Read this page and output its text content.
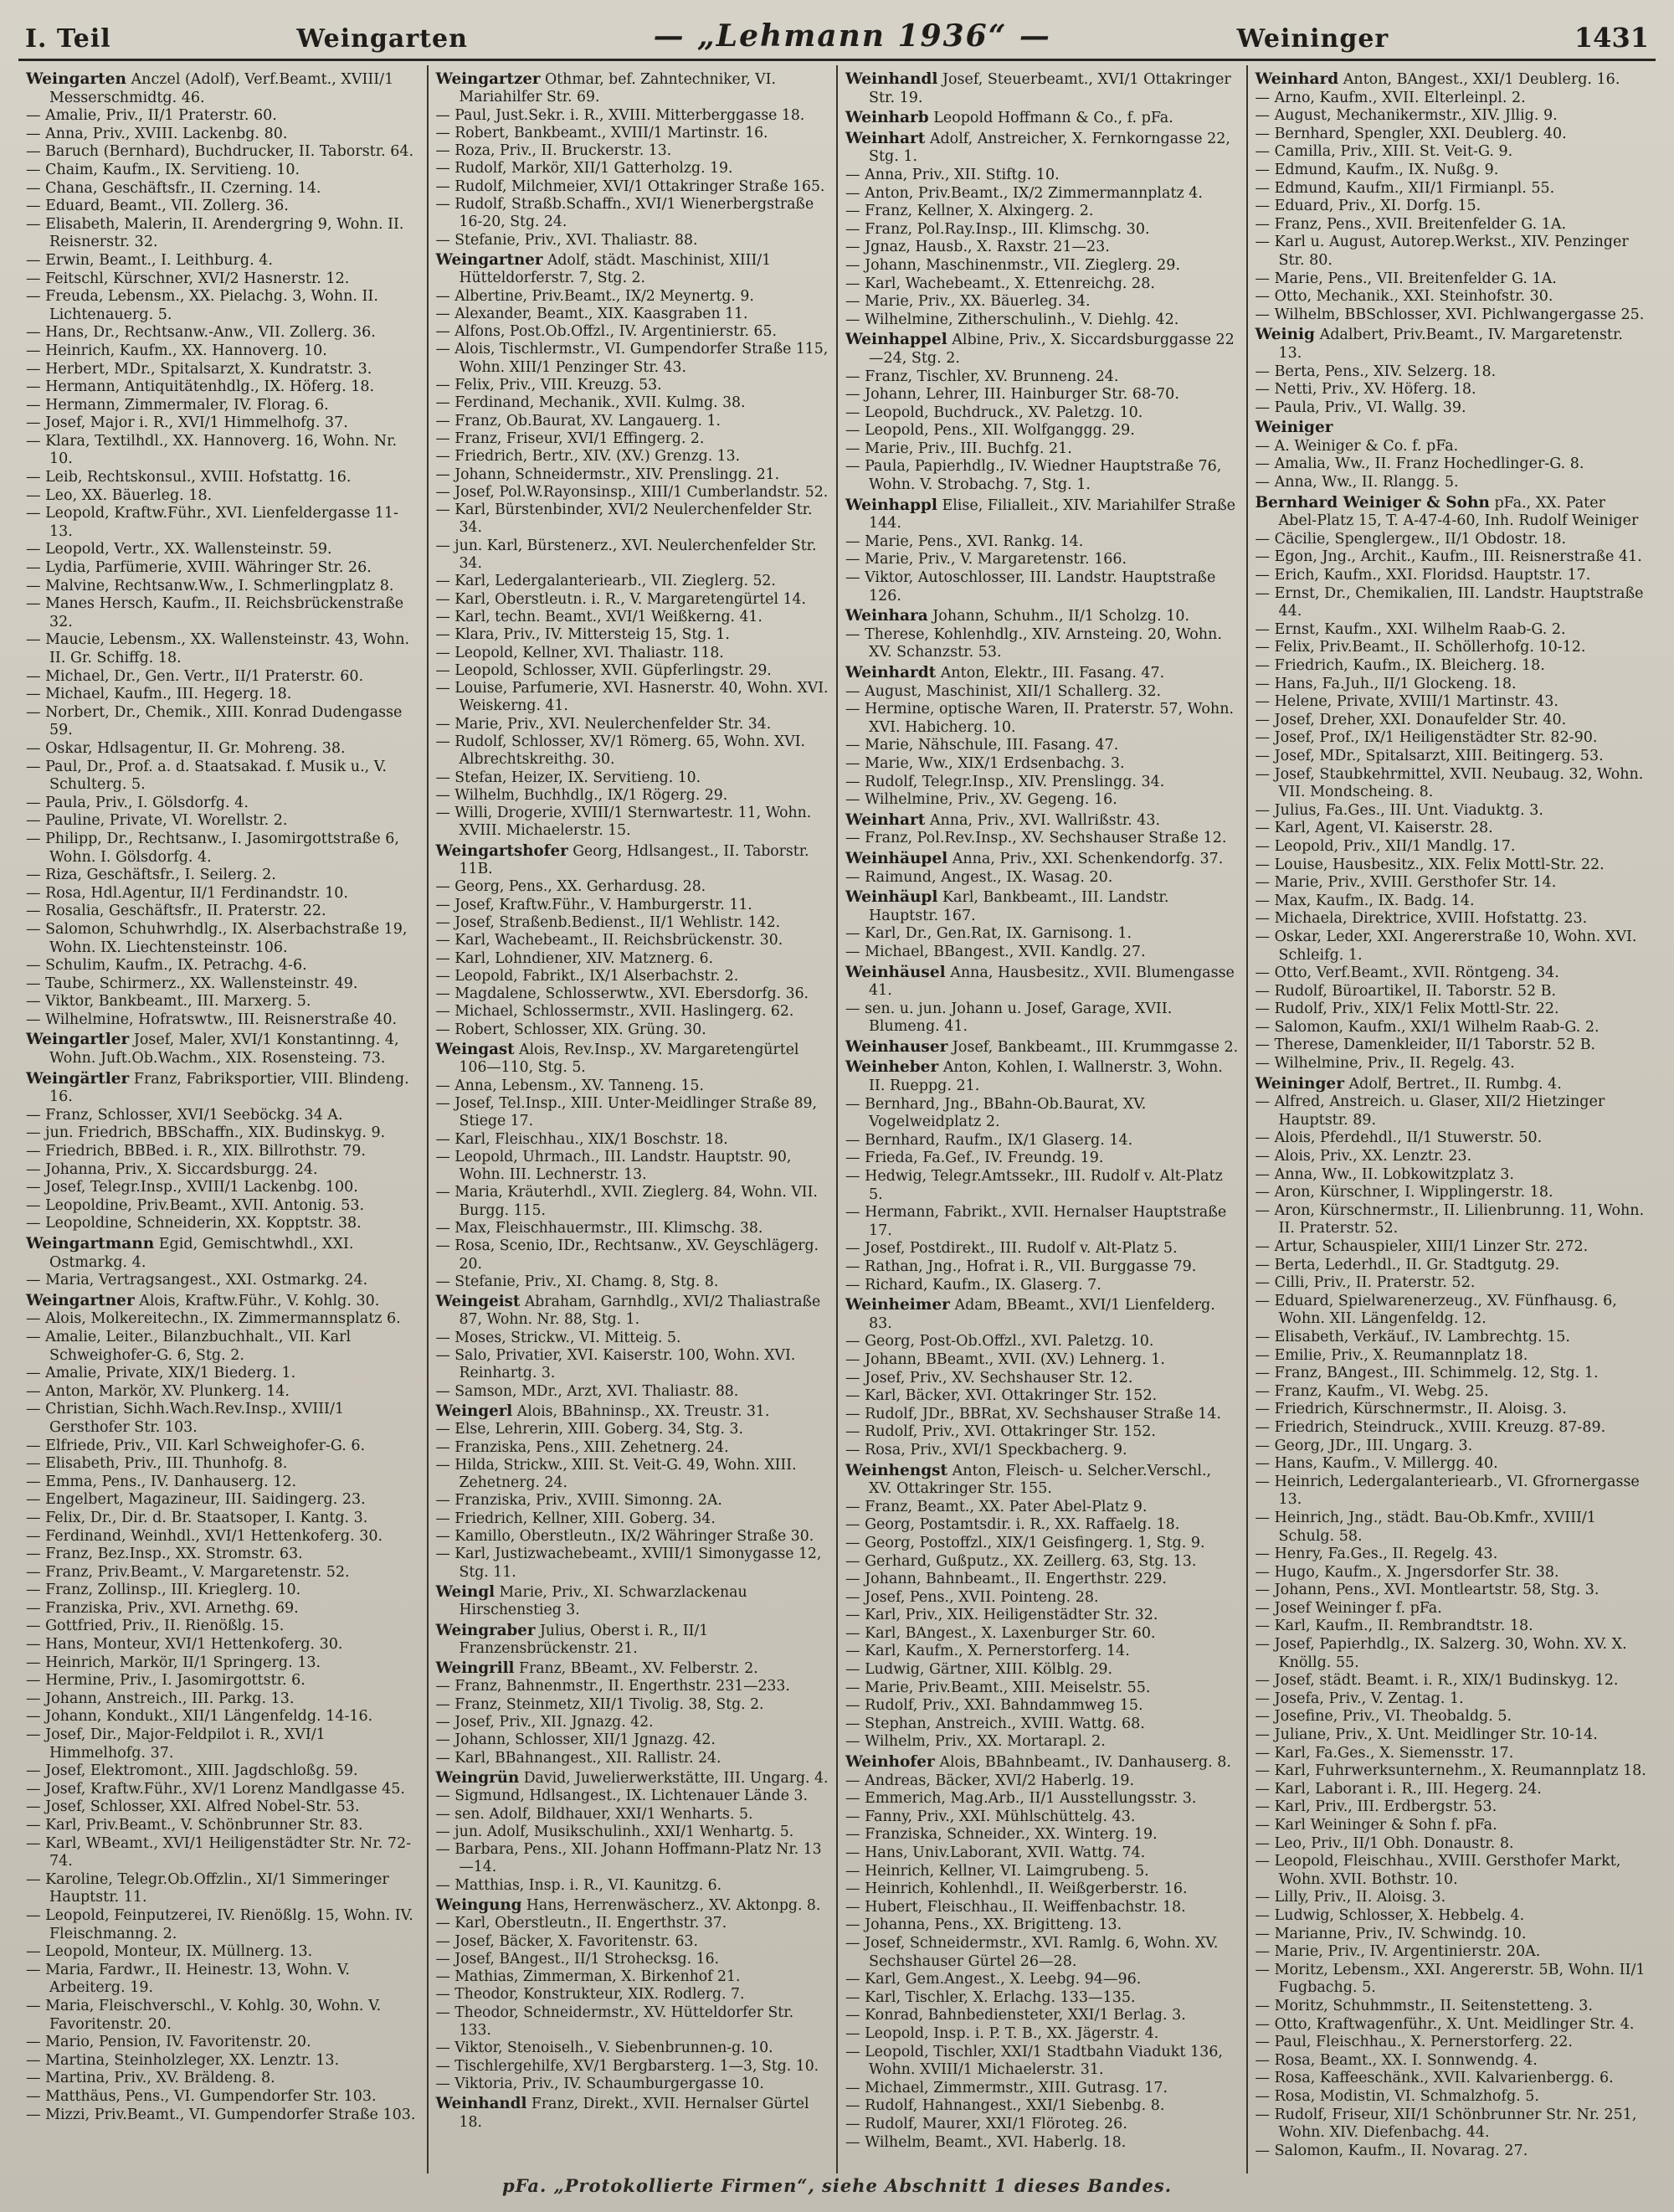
I. Teil	Weingarten	— „Lehmann 1936“ —	Weininger	1431
Weingarten Anczel (Adolf), Verf.Beamt., XVIII/1 Messerschmidtg. 46.
— Amalie, Priv., II/1 Praterstr. 60.
— Anna, Priv., XVIII. Lackenbg. 80.
— Baruch (Bernhard), Buchdrucker, II. Taborstr. 64.
— Chaim, Kaufm., IX. Servitieng. 10.
— Chana, Geschäftsfr., II. Czerning. 14.
— Eduard, Beamt., VII. Zollerg. 36.
— Elisabeth, Malerin, II. Arendergring 9, Wohn. II. Reisnerstr. 32.
— Erwin, Beamt., I. Leithburg. 4.
— Feitschl, Kürschner, XVI/2 Hasnerstr. 12.
— Freuda, Lebensm., XX. Pielachg. 3, Wohn. II. Lichtenauerg. 5.
— Hans, Dr., Rechtsanw.-Anw., VII. Zollerg. 36.
— Heinrich, Kaufm., XX. Hannoverg. 10.
— Herbert, MDr., Spitalsarzt, X. Kundratstr. 3.
— Hermann, Antiquitätenhdlg., IX. Höferg. 18.
— Hermann, Zimmermaler, IV. Florag. 6.
— Josef, Major i. R., XVI/1 Himmelhofg. 37.
— Klara, Textilhdl., XX. Hannoverg. 16, Wohn. Nr. 10.
— Leib, Rechtskonsul., XVIII. Hofstattg. 16.
— Leo, XX. Bäuerleg. 18.
— Leopold, Kraftw.Führ., XVI. Lienfeldergasse 11-13.
— Leopold, Vertr., XX. Wallensteinstr. 59.
— Lydia, Parfümerie, XVIII. Währinger Str. 26.
— Malvine, Rechtsanw.Ww., I. Schmerlingplatz 8.
— Manes Hersch, Kaufm., II. Reichsbrückenstraße 32.
— Maucie, Lebensm., XX. Wallensteinstr. 43, Wohn. II. Gr. Schiffg. 18.
— Michael, Dr., Gen. Vertr., II/1 Praterstr. 60.
— Michael, Kaufm., III. Hegerg. 18.
— Norbert, Dr., Chemik., XIII. Konrad Dudengasse 59.
— Oskar, Hdlsagentur, II. Gr. Mohreng. 38.
— Paul, Dr., Prof. a. d. Staatsakad. f. Musik u., V. Schulterg. 5.
— Paula, Priv., I. Gölsdorfg. 4.
— Pauline, Private, VI. Worellstr. 2.
— Philipp, Dr., Rechtsanw., I. Jasomirgottstraße 6, Wohn. I. Gölsdorfg. 4.
— Riza, Geschäftsfr., I. Seilerg. 2.
— Rosa, Hdl.Agentur, II/1 Ferdinandstr. 10.
— Rosalia, Geschäftsfr., II. Praterstr. 22.
— Salomon, Schuhwrhdlg., IX. Alserbachstraße 19, Wohn. IX. Liechtensteinstr. 106.
— Schulim, Kaufm., IX. Petrachg. 4-6.
— Taube, Schirmerz., XX. Wallensteinstr. 49.
— Viktor, Bankbeamt., III. Marxerg. 5.
— Wilhelmine, Hofratswtw., III. Reisnerstraße 40.
Weingartler Josef, Maler, XVI/1 Konstantinng. 4, Wohn. Juft.Ob.Wachm., XIX. Rosensteing. 73.
Weingärtler Franz, Fabriksportier, VIII. Blindeng. 16.
— Franz, Schlosser, XVI/1 Seeböckg. 34 A.
— jun. Friedrich, BBSchaffn., XIX. Budinskyg. 9.
— Friedrich, BBBed. i. R., XIX. Billrothstr. 79.
— Johanna, Priv., X. Siccardsburgg. 24.
— Josef, Telegr.Insp., XVIII/1 Lackenbg. 100.
— Leopoldine, Priv.Beamt., XVII. Antonig. 53.
— Leopoldine, Schneiderin, XX. Kopptstr. 38.
Weingartmann Egid, Gemischtwhdl., XXI. Ostmarkg. 4.
— Maria, Vertragsangest., XXI. Ostmarkg. 24.
Weingartner Alois, Kraftw.Führ., V. Kohlg. 30.
— Alois, Molkereitechn., IX. Zimmermannsplatz 6.
— Amalie, Leiter., Bilanzbuchhalt., VII. Karl Schweighofer-G. 6, Stg. 2.
— Amalie, Private, XIX/1 Biederg. 1.
— Anton, Markör, XV. Plunkerg. 14.
— Christian, Sichh.Wach.Rev.Insp., XVIII/1 Gersthofer Str. 103.
— Elfriede, Priv., VII. Karl Schweighofer-G. 6.
— Elisabeth, Priv., III. Thunhofg. 8.
— Emma, Pens., IV. Danhauserg. 12.
— Engelbert, Magazineur, III. Saidingerg. 23.
— Felix, Dr., Dir. d. Br. Staatsoper, I. Kantg. 3.
— Ferdinand, Weinhdl., XVI/1 Hettenkoferg. 30.
— Franz, Bez.Insp., XX. Stromstr. 63.
— Franz, Priv.Beamt., V. Margaretenstr. 52.
— Franz, Zollinsp., III. Krieglerg. 10.
— Franziska, Priv., XVI. Arnethg. 69.
— Gottfried, Priv., II. Rienößlg. 15.
— Hans, Monteur, XVI/1 Hettenkoferg. 30.
— Heinrich, Markör, II/1 Springerg. 13.
— Hermine, Priv., I. Jasomirgottstr. 6.
— Johann, Anstreich., III. Parkg. 13.
— Johann, Kondukt., XII/1 Längenfeldg. 14-16.
— Josef, Dir., Major-Feldpilot i. R., XVI/1 Himmelhofg. 37.
— Josef, Elektromont., XIII. Jagdschloßg. 59.
— Josef, Kraftw.Führ., XV/1 Lorenz Mandlgasse 45.
— Josef, Schlosser, XXI. Alfred Nobel-Str. 53.
— Karl, Priv.Beamt., V. Schönbrunner Str. 83.
— Karl, WBeamt., XVI/1 Heiligenstädter Str. Nr. 72-74.
— Karoline, Telegr.Ob.Offzlin., XI/1 Simmeringer Hauptstr. 11.
— Leopold, Feinputzerei, IV. Rienößlg. 15, Wohn. IV. Fleischmanng. 2.
— Leopold, Monteur, IX. Müllnerg. 13.
— Maria, Fardwr., II. Heinestr. 13, Wohn. V. Arbeiterg. 19.
— Maria, Fleischverschl., V. Kohlg. 30, Wohn. V. Favoritenstr. 20.
— Mario, Pension, IV. Favoritenstr. 20.
— Martina, Steinholzleger, XX. Lenztr. 13.
— Martina, Priv., XV. Bräldeng. 8.
— Matthäus, Pens., VI. Gumpendorfer Str. 103.
— Mizzi, Priv.Beamt., VI. Gumpendorfer Straße 103.
Weingartzer Othmar, bef. Zahntechniker, VI. Mariahilfer Str. 69.
— Paul, Just.Sekr. i. R., XVIII. Mitterberggasse 18.
— Robert, Bankbeamt., XVIII/1 Martinstr. 16.
— Roza, Priv., II. Bruckerstr. 13.
— Rudolf, Markör, XII/1 Gatterholzg. 19.
— Rudolf, Milchmeier, XVI/1 Ottakringer Straße 165.
— Rudolf, Straßb.Schaffn., XVI/1 Wienerbergstraße 16-20, Stg. 24.
— Stefanie, Priv., XVI. Thaliastr. 88.
Weingartner Adolf, städt. Maschinist, XIII/1 Hütteldorferstr. 7, Stg. 2.
— Albertine, Priv.Beamt., IX/2 Meynertg. 9.
— Alexander, Beamt., XIX. Kaasgraben 11.
— Alfons, Post.Ob.Offzl., IV. Argentinierstr. 65.
— Alois, Tischlermstr., VI. Gumpendorfer Straße 115, Wohn. XIII/1 Penzinger Str. 43.
— Felix, Priv., VIII. Kreuzg. 53.
— Ferdinand, Mechanik., XVII. Kulmg. 38.
— Franz, Ob.Baurat, XV. Langauerg. 1.
— Franz, Friseur, XVI/1 Effingerg. 2.
— Friedrich, Bertr., XIV. (XV.) Grenzg. 13.
— Johann, Schneidermstr., XIV. Prenslingg. 21.
— Josef, Pol.W.Rayonsinsp., XIII/1 Cumberlandstr. 52.
— Karl, Bürstenbinder, XVI/2 Neulerchenfelder Str. 34.
— jun. Karl, Bürstenerz., XVI. Neulerchenfelder Str. 34.
— Karl, Ledergalanteriearb., VII. Zieglerg. 52.
— Karl, Oberstleutn. i. R., V. Margaretengürtel 14.
— Karl, techn. Beamt., XVI/1 Weißkerng. 41.
— Klara, Priv., IV. Mittersteig 15, Stg. 1.
— Leopold, Kellner, XVI. Thaliastr. 118.
— Leopold, Schlosser, XVII. Güpferlingstr. 29.
— Louise, Parfumerie, XVI. Hasnerstr. 40, Wohn. XVI. Weiskerng. 41.
— Marie, Priv., XVI. Neulerchenfelder Str. 34.
— Rudolf, Schlosser, XV/1 Römerg. 65, Wohn. XVI. Albrechtskreithg. 30.
— Stefan, Heizer, IX. Servitieng. 10.
— Wilhelm, Buchhdlg., IX/1 Rögerg. 29.
— Willi, Drogerie, XVIII/1 Sternwartestr. 11, Wohn. XVIII. Michaelerstr. 15.
Weingartshofer Georg, Hdlsangest., II. Taborstr. 11B.
— Georg, Pens., XX. Gerhardusg. 28.
— Josef, Kraftw.Führ., V. Hamburgerstr. 11.
— Josef, Straßenb.Bedienst., II/1 Wehlistr. 142.
— Karl, Wachebeamt., II. Reichsbrückenstr. 30.
— Karl, Lohndiener, XIV. Matznerg. 6.
— Leopold, Fabrikt., IX/1 Alserbachstr. 2.
— Magdalene, Schlosserwtw., XVI. Ebersdorfg. 36.
— Michael, Schlossermstr., XVII. Haslingerg. 62.
— Robert, Schlosser, XIX. Grüng. 30.
Weingast Alois, Rev.Insp., XV. Margaretengürtel 106—110, Stg. 5.
— Anna, Lebensm., XV. Tanneng. 15.
— Josef, Tel.Insp., XIII. Unter-Meidlinger Straße 89, Stiege 17.
— Karl, Fleischhau., XIX/1 Boschstr. 18.
— Leopold, Uhrmach., III. Landstr. Hauptstr. 90, Wohn. III. Lechnerstr. 13.
— Maria, Kräuterhdl., XVII. Zieglerg. 84, Wohn. VII. Burgg. 115.
— Max, Fleischhauermstr., III. Klimschg. 38.
— Rosa, Scenio, IDr., Rechtsanw., XV. Geyschlägerg. 20.
— Stefanie, Priv., XI. Chamg. 8, Stg. 8.
Weingeist Abraham, Garnhdlg., XVI/2 Thaliastraße 87, Wohn. Nr. 88, Stg. 1.
— Moses, Strickw., VI. Mitteig. 5.
— Salo, Privatier, XVI. Kaiserstr. 100, Wohn. XVI. Reinhartg. 3.
— Samson, MDr., Arzt, XVI. Thaliastr. 88.
Weingerl Alois, BBahninsp., XX. Treustr. 31.
— Else, Lehrerin, XIII. Goberg. 34, Stg. 3.
— Franziska, Pens., XIII. Zehetnerg. 24.
— Hilda, Strickw., XIII. St. Veit-G. 49, Wohn. XIII. Zehetnerg. 24.
— Franziska, Priv., XVIII. Simonng. 2A.
— Friedrich, Kellner, XIII. Goberg. 34.
— Kamillo, Oberstleutn., IX/2 Währinger Straße 30.
— Karl, Justizwachebeamt., XVIII/1 Simonygasse 12, Stg. 11.
Weingl Marie, Priv., XI. Schwarzlackenau Hirschenstieg 3.
Weingraber Julius, Oberst i. R., II/1 Franzensbrückenstr. 21.
Weingrill Franz, BBeamt., XV. Felberstr. 2.
— Franz, Bahnenmstr., II. Engerthstr. 231—233.
— Franz, Steinmetz, XII/1 Tivolig. 38, Stg. 2.
— Josef, Priv., XII. Jgnazg. 42.
— Johann, Schlosser, XII/1 Jgnazg. 42.
— Karl, BBahnangest., XII. Rallistr. 24.
Weingrün David, Juwelierwerkstätte, III. Ungarg. 4.
— Sigmund, Hdlsangest., IX. Lichtenauer Lände 3.
— sen. Adolf, Bildhauer, XXI/1 Wenharts. 5.
— jun. Adolf, Musikschulinh., XXI/1 Wenhartg. 5.
— Barbara, Pens., XII. Johann Hoffmann-Platz Nr. 13—14.
— Matthias, Insp. i. R., VI. Kaunitzg. 6.
Weingung Hans, Herrenwäscherz., XV. Aktonpg. 8.
— Karl, Oberstleutn., II. Engerthstr. 37.
— Josef, Bäcker, X. Favoritenstr. 63.
— Josef, BAngest., II/1 Strohecksg. 16.
— Mathias, Zimmerman, X. Birkenhof 21.
— Theodor, Konstrukteur, XIX. Rodlerg. 7.
— Theodor, Schneidermstr., XV. Hütteldorfer Str. 133.
— Viktor, Stenoiselh., V. Siebenbrunnen-g. 10.
— Tischlergehilfe, XV/1 Bergbarsterg. 1—3, Stg. 10.
— Viktoria, Priv., IV. Schaumburgergasse 10.
Weinhandl Franz, Direkt., XVII. Hernalser Gürtel 18.
Weinhandl Josef, Steuerbeamt., XVI/1 Ottakringer Str. 19.
Weinharb Leopold Hoffmann & Co., f. pFa.
Weinhart Adolf, Anstreicher, X. Fernkorngasse 22, Stg. 1.
— Anna, Priv., XII. Stiftg. 10.
— Anton, Priv.Beamt., IX/2 Zimmermannplatz 4.
— Franz, Kellner, X. Alxingerg. 2.
— Franz, Pol.Ray.Insp., III. Klimschg. 30.
— Jgnaz, Hausb., X. Raxstr. 21—23.
— Johann, Maschinenmstr., VII. Zieglerg. 29.
— Karl, Wachebeamt., X. Ettenreichg. 28.
— Marie, Priv., XX. Bäuerleg. 34.
— Wilhelmine, Zitherschulinh., V. Diehlg. 42.
Weinhappel Albine, Priv., X. Siccardsburggasse 22—24, Stg. 2.
— Franz, Tischler, XV. Brunneng. 24.
— Johann, Lehrer, III. Hainburger Str. 68-70.
— Leopold, Buchdruck., XV. Paletzg. 10.
— Leopold, Pens., XII. Wolfganggg. 29.
— Marie, Priv., III. Buchfg. 21.
— Paula, Papierhdlg., IV. Wiedner Hauptstraße 76, Wohn. V. Strobachg. 7, Stg. 1.
Weinhappl Elise, Filialleit., XIV. Mariahilfer Straße 144.
— Marie, Pens., XVI. Rankg. 14.
— Marie, Priv., V. Margaretenstr. 166.
— Viktor, Autoschlosser, III. Landstr. Hauptstraße 126.
Weinhara Johann, Schuhm., II/1 Scholzg. 10.
— Therese, Kohlenhdlg., XIV. Arnsteing. 20, Wohn. XV. Schanzstr. 53.
Weinhardt Anton, Elektr., III. Fasang. 47.
— August, Maschinist, XII/1 Schallerg. 32.
— Hermine, optische Waren, II. Praterstr. 57, Wohn. XVI. Habicherg. 10.
— Marie, Nähschule, III. Fasang. 47.
— Marie, Ww., XIX/1 Erdsenbachg. 3.
— Rudolf, Telegr.Insp., XIV. Prenslingg. 34.
— Wilhelmine, Priv., XV. Gegeng. 16.
Weinhart Anna, Priv., XVI. Wallrißstr. 43.
— Franz, Pol.Rev.Insp., XV. Sechshauser Straße 12.
Weinhäupel Anna, Priv., XXI. Schenkendorfg. 37.
— Raimund, Angest., IX. Wasag. 20.
Weinhäupl Karl, Bankbeamt., III. Landstr. Hauptstr. 167.
— Karl, Dr., Gen.Rat, IX. Garnisong. 1.
— Michael, BBangest., XVII. Kandlg. 27.
Weinhäusel Anna, Hausbesitz., XVII. Blumengasse 41.
— sen. u. jun. Johann u. Josef, Garage, XVII. Blumeng. 41.
Weinhauser Josef, Bankbeamt., III. Krummgasse 2.
Weinheber Anton, Kohlen, I. Wallnerstr. 3, Wohn. II. Rueppg. 21.
— Bernhard, Jng., BBahn-Ob.Baurat, XV. Vogelweidplatz 2.
— Bernhard, Raufm., IX/1 Glaserg. 14.
— Frieda, Fa.Gef., IV. Freundg. 19.
— Hedwig, Telegr.Amtssekr., III. Rudolf v. Alt-Platz 5.
— Hermann, Fabrikt., XVII. Hernalser Hauptstraße 17.
— Josef, Postdirekt., III. Rudolf v. Alt-Platz 5.
— Rathan, Jng., Hofrat i. R., VII. Burggasse 79.
— Richard, Kaufm., IX. Glaserg. 7.
Weinheimer Adam, BBeamt., XVI/1 Lienfelderg. 83.
— Georg, Post-Ob.Offzl., XVI. Paletzg. 10.
— Johann, BBeamt., XVII. (XV.) Lehnerg. 1.
— Josef, Priv., XV. Sechshauser Str. 12.
— Karl, Bäcker, XVI. Ottakringer Str. 152.
— Rudolf, JDr., BBRat, XV. Sechshauser Straße 14.
— Rudolf, Priv., XVI. Ottakringer Str. 152.
— Rosa, Priv., XVI/1 Speckbacherg. 9.
Weinhengst Anton, Fleisch- u. Selcher.Verschl., XV. Ottakringer Str. 155.
— Franz, Beamt., XX. Pater Abel-Platz 9.
— Georg, Postamtsdir. i. R., XX. Raffaelg. 18.
— Georg, Postoffzl., XIX/1 Geisfingerg. 1, Stg. 9.
— Gerhard, Gußputz., XX. Zeillerg. 63, Stg. 13.
— Johann, Bahnbeamt., II. Engerthstr. 229.
— Josef, Pens., XVII. Pointeng. 28.
— Karl, Priv., XIX. Heiligenstädter Str. 32.
— Karl, BAngest., X. Laxenburger Str. 60.
— Karl, Kaufm., X. Pernerstorferg. 14.
— Ludwig, Gärtner, XIII. Kölblg. 29.
— Marie, Priv.Beamt., XIII. Meiselstr. 55.
— Rudolf, Priv., XXI. Bahndammweg 15.
— Stephan, Anstreich., XVIII. Wattg. 68.
— Wilhelm, Priv., XX. Mortarapl. 2.
Weinhofer Alois, BBahnbeamt., IV. Danhauserg. 8.
— Andreas, Bäcker, XVI/2 Haberlg. 19.
— Emmerich, Mag.Arb., II/1 Ausstellungsstr. 3.
— Fanny, Priv., XXI. Mühlschüttelg. 43.
— Franziska, Schneider., XX. Winterg. 19.
— Hans, Univ.Laborant, XVII. Wattg. 74.
— Heinrich, Kellner, VI. Laimgrubeng. 5.
— Heinrich, Kohlenhdl., II. Weißgerberstr. 16.
— Hubert, Fleischhau., II. Weiffenbachstr. 18.
— Johanna, Pens., XX. Brigitteng. 13.
— Josef, Schneidermstr., XVI. Ramlg. 6, Wohn. XV. Sechshauser Gürtel 26—28.
— Karl, Gem.Angest., X. Leebg. 94—96.
— Karl, Tischler, X. Erlachg. 133—135.
— Konrad, Bahnbediensteter, XXI/1 Berlag. 3.
— Leopold, Insp. i. P. T. B., XX. Jägerstr. 4.
— Leopold, Tischler, XXI/1 Stadtbahn Viadukt 136, Wohn. XVIII/1 Michaelerstr. 31.
— Michael, Zimmermstr., XIII. Gutrasg. 17.
— Rudolf, Hahnangest., XXI/1 Siebenbg. 8.
— Rudolf, Maurer, XXI/1 Flöroteg. 26.
— Wilhelm, Beamt., XVI. Haberlg. 18.
Weinhard Anton, BAngest., XXI/1 Deublerg. 16.
— Arno, Kaufm., XVII. Elterleinpl. 2.
— August, Mechanikermstr., XIV. Jllig. 9.
— Bernhard, Spengler, XXI. Deublerg. 40.
— Camilla, Priv., XIII. St. Veit-G. 9.
— Edmund, Kaufm., IX. Nußg. 9.
— Edmund, Kaufm., XII/1 Firmianpl. 55.
— Eduard, Priv., XI. Dorfg. 15.
— Franz, Pens., XVII. Breitenfelder G. 1A.
— Karl u. August, Autorep.Werkst., XIV. Penzinger Str. 80.
— Marie, Pens., VII. Breitenfelder G. 1A.
— Otto, Mechanik., XXI. Steinhofstr. 30.
— Wilhelm, BBSchlosser, XVI. Pichlwangergasse 25.
Weinig Adalbert, Priv.Beamt., IV. Margaretenstr. 13.
— Berta, Pens., XIV. Selzerg. 18.
— Netti, Priv., XV. Höferg. 18.
— Paula, Priv., VI. Wallg. 39.
Weiniger
— A. Weiniger & Co. f. pFa.
— Amalia, Ww., II. Franz Hochedlinger-G. 8.
— Anna, Ww., II. Rlangg. 5.
Bernhard Weiniger & Sohn pFa., XX. Pater Abel-Platz 15, T. A-47-4-60, Inh. Rudolf Weiniger
— Cäcilie, Spenglergew., II/1 Obdostr. 18.
— Egon, Jng., Archit., Kaufm., III. Reisnerstraße 41.
— Erich, Kaufm., XXI. Floridsd. Hauptstr. 17.
— Ernst, Dr., Chemikalien, III. Landstr. Hauptstraße 44.
— Ernst, Kaufm., XXI. Wilhelm Raab-G. 2.
— Felix, Priv.Beamt., II. Schöllerhofg. 10-12.
— Friedrich, Kaufm., IX. Bleicherg. 18.
— Hans, Fa.Juh., II/1 Glockeng. 18.
— Helene, Private, XVIII/1 Martinstr. 43.
— Josef, Dreher, XXI. Donaufelder Str. 40.
— Josef, Prof., IX/1 Heiligenstädter Str. 82-90.
— Josef, MDr., Spitalsarzt, XIII. Beitingerg. 53.
— Josef, Staubkehrmittel, XVII. Neubaug. 32, Wohn. VII. Mondscheing. 8.
— Julius, Fa.Ges., III. Unt. Viaduktg. 3.
— Karl, Agent, VI. Kaiserstr. 28.
— Leopold, Priv., XII/1 Mandlg. 17.
— Louise, Hausbesitz., XIX. Felix Mottl-Str. 22.
— Marie, Priv., XVIII. Gersthofer Str. 14.
— Max, Kaufm., IX. Badg. 14.
— Michaela, Direktrice, XVIII. Hofstattg. 23.
— Oskar, Leder, XXI. Angererstraße 10, Wohn. XVI. Schleifg. 1.
— Otto, Verf.Beamt., XVII. Röntgeng. 34.
— Rudolf, Büroartikel, II. Taborstr. 52 B.
— Rudolf, Priv., XIX/1 Felix Mottl-Str. 22.
— Salomon, Kaufm., XXI/1 Wilhelm Raab-G. 2.
— Therese, Damenkleider, II/1 Taborstr. 52 B.
— Wilhelmine, Priv., II. Regelg. 43.
Weininger Adolf, Bertret., II. Rumbg. 4.
— Alfred, Anstreich. u. Glaser, XII/2 Hietzinger Hauptstr. 89.
— Alois, Pferdehdl., II/1 Stuwerstr. 50.
— Alois, Priv., XX. Lenztr. 23.
— Anna, Ww., II. Lobkowitzplatz 3.
— Aron, Kürschner, I. Wipplingerstr. 18.
— Aron, Kürschnermstr., II. Lilienbrunng. 11, Wohn. II. Praterstr. 52.
— Artur, Schauspieler, XIII/1 Linzer Str. 272.
— Berta, Lederhdl., II. Gr. Stadtgutg. 29.
— Cilli, Priv., II. Praterstr. 52.
— Eduard, Spielwarenerzeug., XV. Fünfhausg. 6, Wohn. XII. Längenfeldg. 12.
— Elisabeth, Verkäuf., IV. Lambrechtg. 15.
— Emilie, Priv., X. Reumannplatz 18.
— Franz, BAngest., III. Schimmelg. 12, Stg. 1.
— Franz, Kaufm., VI. Webg. 25.
— Friedrich, Kürschnermstr., II. Aloisg. 3.
— Friedrich, Steindruck., XVIII. Kreuzg. 87-89.
— Georg, JDr., III. Ungarg. 3.
— Hans, Kaufm., V. Millergg. 40.
— Heinrich, Ledergalanteriearb., VI. Gfrornergasse 13.
— Heinrich, Jng., städt. Bau-Ob.Kmfr., XVIII/1 Schulg. 58.
— Henry, Fa.Ges., II. Regelg. 43.
— Hugo, Kaufm., X. Jngersdorfer Str. 38.
— Johann, Pens., XVI. Montleartstr. 58, Stg. 3.
— Josef Weininger f. pFa.
— Karl, Kaufm., II. Rembrandtstr. 18.
— Josef, Papierhdlg., IX. Salzerg. 30, Wohn. XV. X. Knöllg. 55.
— Josef, städt. Beamt. i. R., XIX/1 Budinskyg. 12.
— Josefa, Priv., V. Zentag. 1.
— Josefine, Priv., VI. Theobaldg. 5.
— Juliane, Priv., X. Unt. Meidlinger Str. 10-14.
— Karl, Fa.Ges., X. Siemensstr. 17.
— Karl, Fuhrwerksunternehm., X. Reumannplatz 18.
— Karl, Laborant i. R., III. Hegerg. 24.
— Karl, Priv., III. Erdbergstr. 53.
— Karl Weininger & Sohn f. pFa.
— Leo, Priv., II/1 Obh. Donaustr. 8.
— Leopold, Fleischhau., XVIII. Gersthofer Markt, Wohn. XVII. Bothstr. 10.
— Lilly, Priv., II. Aloisg. 3.
— Ludwig, Schlosser, X. Hebbelg. 4.
— Marianne, Priv., IV. Schwindg. 10.
— Marie, Priv., IV. Argentinierstr. 20A.
— Moritz, Lebensm., XXI. Angererstr. 5B, Wohn. II/1 Fugbachg. 5.
— Moritz, Schuhmmstr., II. Seitenstetteng. 3.
— Otto, Kraftwagenführ., X. Unt. Meidlinger Str. 4.
— Paul, Fleischhau., X. Pernerstorferg. 22.
— Rosa, Beamt., XX. I. Sonnwendg. 4.
— Rosa, Kaffeeschänk., XVII. Kalvarienbergg. 6.
— Rosa, Modistin, VI. Schmalzhofg. 5.
— Rudolf, Friseur, XII/1 Schönbrunner Str. Nr. 251, Wohn. XIV. Diefenbachg. 44.
— Salomon, Kaufm., II. Novarag. 27.
pFa. „Protokollierte Firmen“, siehe Abschnitt 1 dieses Bandes.
